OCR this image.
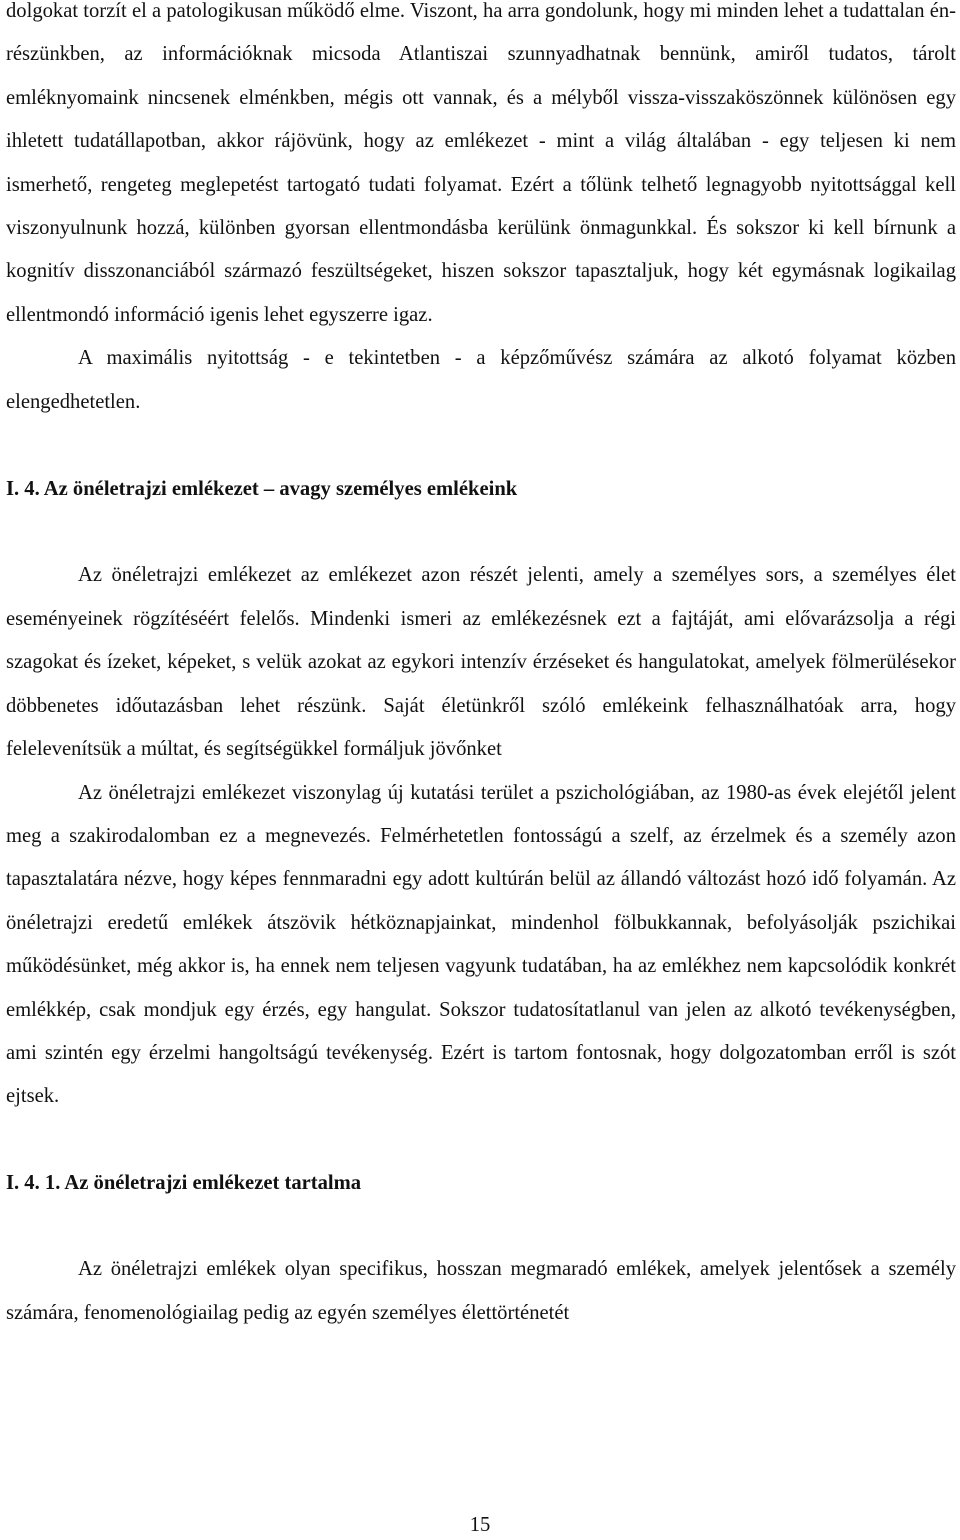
dolgokat torzít el a patologikusan működő elme. Viszont, ha arra gondolunk, hogy mi minden lehet a tudattalan én-részünkben, az információknak micsoda Atlantiszai szunnyadhatnak bennünk, amiről tudatos, tárolt emléknyomaink nincsenek elménkben, mégis ott vannak, és a mélyből vissza-visszaköszönnek különösen egy ihletett tudatállapotban, akkor rájövünk, hogy az emlékezet - mint a világ általában - egy teljesen ki nem ismerhető, rengeteg meglepetést tartogató tudati folyamat. Ezért a tőlünk telhető legnagyobb nyitottsággal kell viszonyulnunk hozzá, különben gyorsan ellentmondásba kerülünk önmagunkkal. És sokszor ki kell bírnunk a kognitív disszonanciából származó feszültségeket, hiszen sokszor tapasztaljuk, hogy két egymásnak logikailag ellentmondó információ igenis lehet egyszerre igaz.

A maximális nyitottság - e tekintetben - a képzőművész számára az alkotó folyamat közben elengedhetetlen.

I. 4. Az önéletrajzi emlékezet – avagy személyes emlékeink

Az önéletrajzi emlékezet az emlékezet azon részét jelenti, amely a személyes sors, a személyes élet eseményeinek rögzítéséért felelős. Mindenki ismeri az emlékezésnek ezt a fajtáját, ami elővarázsolja a régi szagokat és ízeket, képeket, s velük azokat az egykori intenzív érzéseket és hangulatokat, amelyek fölmerülésekor döbbenetes időutazásban lehet részünk. Saját életünkről szóló emlékeink felhasználhatóak arra, hogy felelevenítsük a múltat, és segítségükkel formáljuk jövőnket

Az önéletrajzi emlékezet viszonylag új kutatási terület a pszichológiában, az 1980-as évek elejétől jelent meg a szakirodalomban ez a megnevezés. Felmérhetetlen fontosságú a szelf, az érzelmek és a személy azon tapasztalatára nézve, hogy képes fennmaradni egy adott kultúrán belül az állandó változást hozó idő folyamán. Az önéletrajzi eredetű emlékek átszövik hétköznapjainkat, mindenhol fölbukkannak, befolyásolják pszichikai működésünket, még akkor is, ha ennek nem teljesen vagyunk tudatában, ha az emlékhez nem kapcsolódik konkrét emlékkép, csak mondjuk egy érzés, egy hangulat. Sokszor tudatosítatlanul van jelen az alkotó tevékenységben, ami szintén egy érzelmi hangoltságú tevékenység. Ezért is tartom fontosnak, hogy dolgozatomban erről is szót ejtsek.

I. 4. 1. Az önéletrajzi emlékezet tartalma

Az önéletrajzi emlékek olyan specifikus, hosszan megmaradó emlékek, amelyek jelentősek a személy számára, fenomenológiailag pedig az egyén személyes élettörténetét

15
